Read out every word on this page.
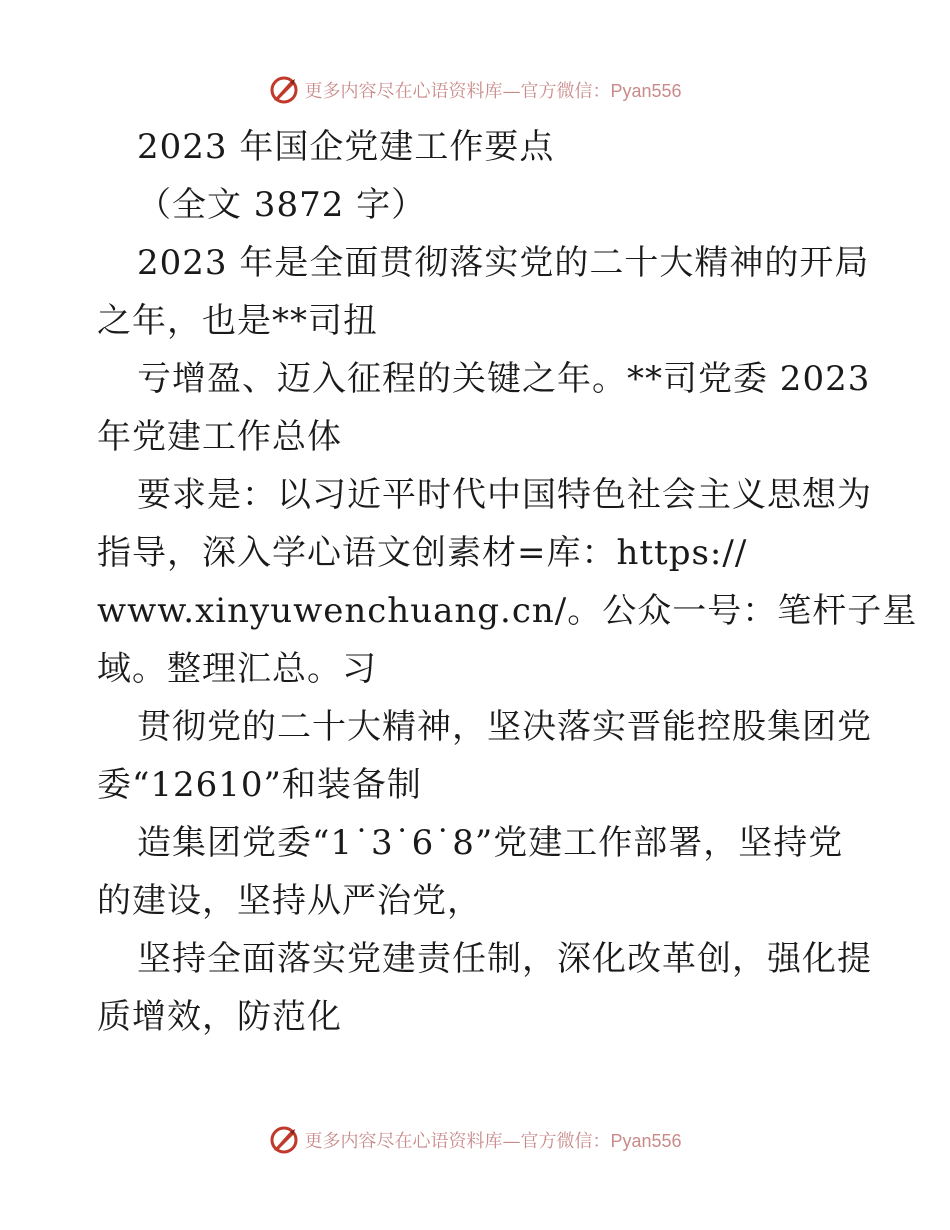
更多内容尽在心语资料库—官方微信：Pyan556
2023 年国企党建工作要点
（全文 3872 字）
2023 年是全面贯彻落实党的二十大精神的开局
之年，也是**司扭
亏增盈、迈入征程的关键之年。**司党委 2023
年党建工作总体
要求是：以习近平时代中国特色社会主义思想为
指导，深入学心语文创素材=库：https://
www.xinyuwenchuang.cn/。公众一号：笔杆子星
域。整理汇总。习
贯彻党的二十大精神，坚决落实晋能控股集团党
委“12610”和装备制
造集团党委“1˙3˙6˙8”党建工作部署，坚持党
的建设，坚持从严治党，
坚持全面落实党建责任制，深化改革创，强化提
质增效，防范化
更多内容尽在心语资料库—官方微信：Pyan556
